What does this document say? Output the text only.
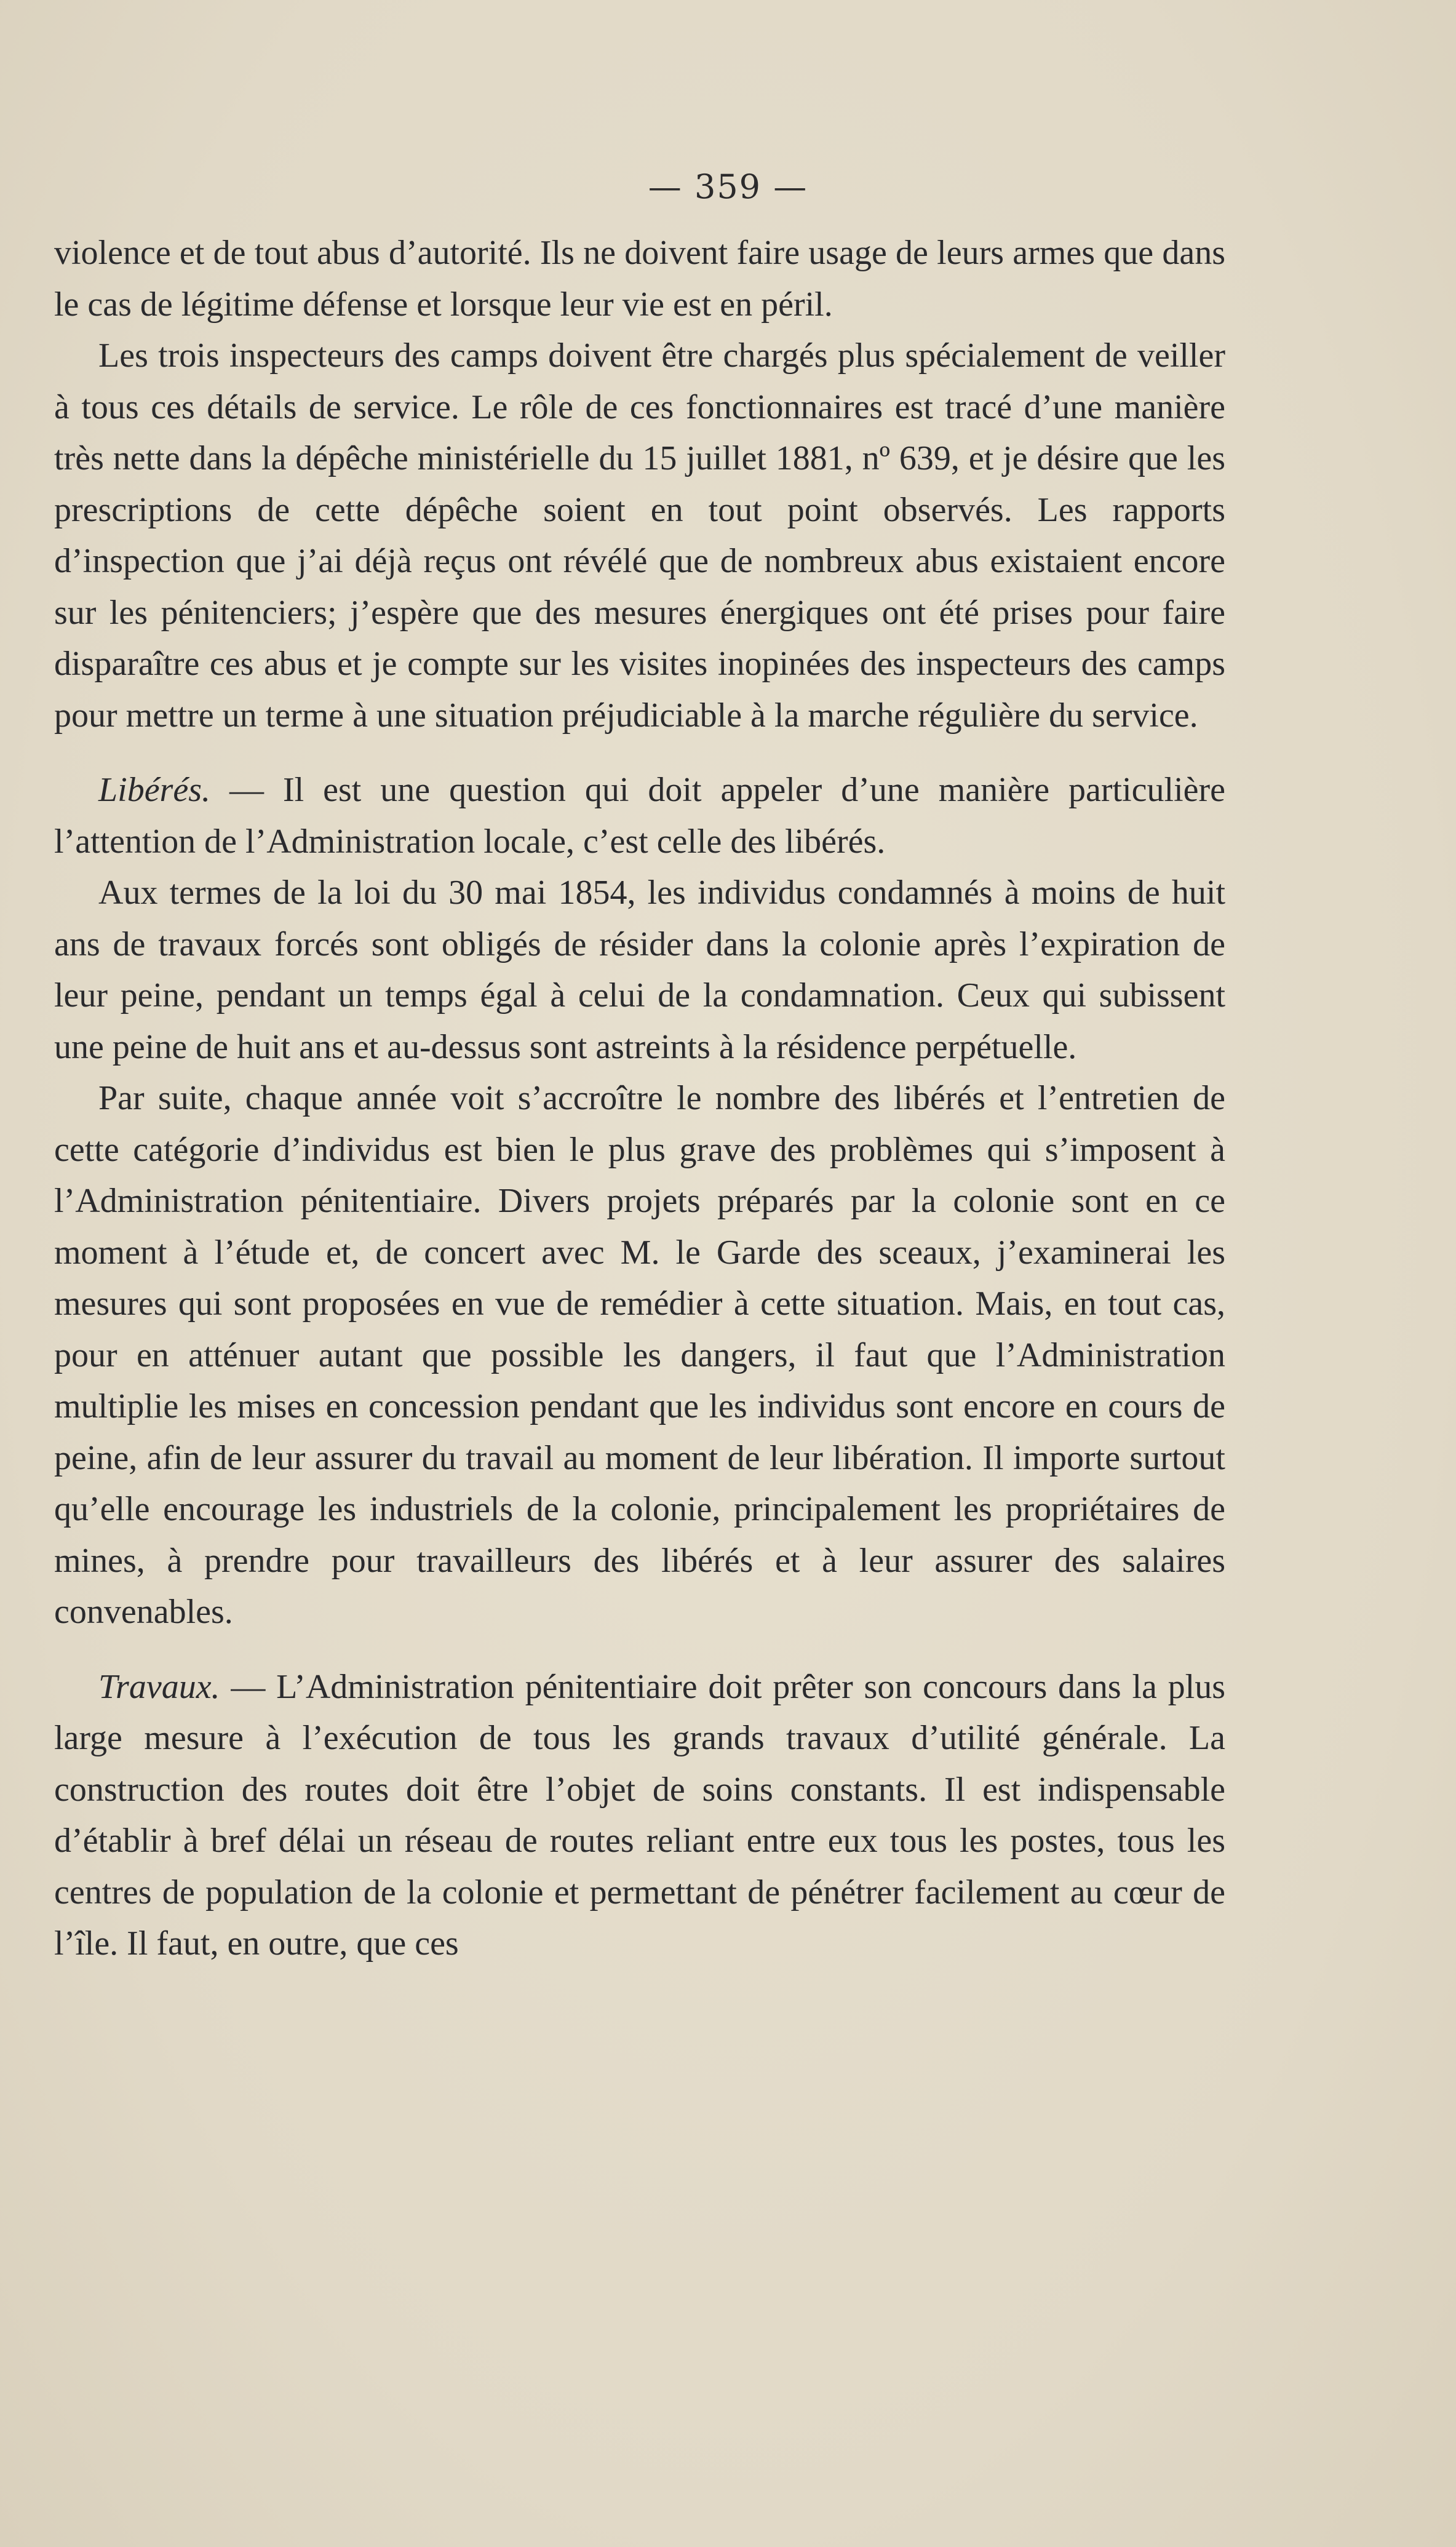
— 359 —

violence et de tout abus d’autorité. Ils ne doivent faire usage de leurs armes que dans le cas de légitime défense et lorsque leur vie est en péril.

Les trois inspecteurs des camps doivent être chargés plus spécialement de veiller à tous ces détails de service. Le rôle de ces fonctionnaires est tracé d’une manière très nette dans la dépêche ministérielle du 15 juillet 1881, nº 639, et je désire que les prescriptions de cette dépêche soient en tout point observés. Les rapports d’inspection que j’ai déjà reçus ont révélé que de nombreux abus existaient encore sur les pénitenciers; j’espère que des mesures énergiques ont été prises pour faire disparaître ces abus et je compte sur les visites inopinées des inspecteurs des camps pour mettre un terme à une situation préjudiciable à la marche régulière du service.

Libérés. — Il est une question qui doit appeler d’une manière particulière l’attention de l’Administration locale, c’est celle des libérés.

Aux termes de la loi du 30 mai 1854, les individus condamnés à moins de huit ans de travaux forcés sont obligés de résider dans la colonie après l’expiration de leur peine, pendant un temps égal à celui de la condamnation. Ceux qui subissent une peine de huit ans et au-dessus sont astreints à la résidence perpétuelle.

Par suite, chaque année voit s’accroître le nombre des libérés et l’entretien de cette catégorie d’individus est bien le plus grave des problèmes qui s’imposent à l’Administration pénitentiaire. Divers projets préparés par la colonie sont en ce moment à l’étude et, de concert avec M. le Garde des sceaux, j’examinerai les mesures qui sont proposées en vue de remédier à cette situation. Mais, en tout cas, pour en atténuer autant que possible les dangers, il faut que l’Administration multiplie les mises en concession pendant que les individus sont encore en cours de peine, afin de leur assurer du travail au moment de leur libération. Il importe surtout qu’elle encourage les industriels de la colonie, principalement les propriétaires de mines, à prendre pour travailleurs des libérés et à leur assurer des salaires convenables.

Travaux. — L’Administration pénitentiaire doit prêter son concours dans la plus large mesure à l’exécution de tous les grands travaux d’utilité générale. La construction des routes doit être l’objet de soins constants. Il est indispensable d’établir à bref délai un réseau de routes reliant entre eux tous les postes, tous les centres de population de la colonie et permettant de pénétrer facilement au cœur de l’île. Il faut, en outre, que ces
